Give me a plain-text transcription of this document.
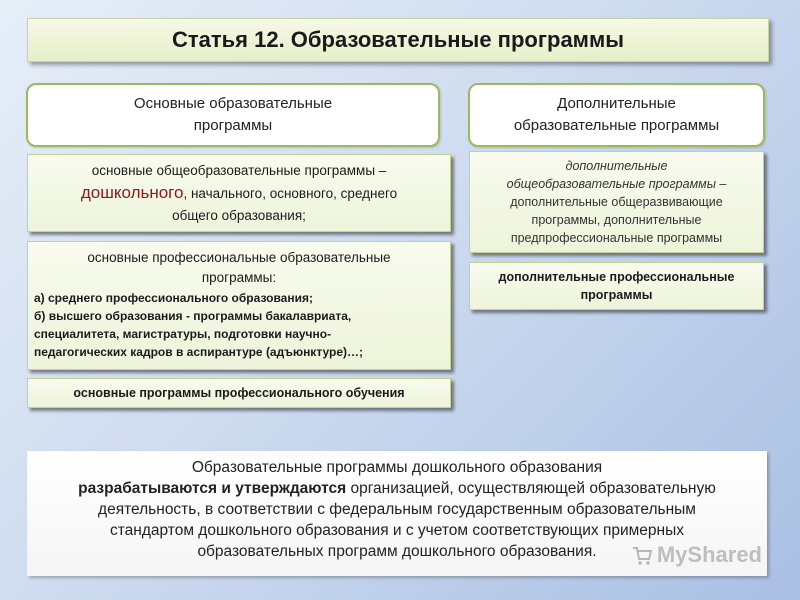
Статья 12. Образовательные программы
Основные образовательные
программы
основные общеобразовательные программы –
дошкольного, начального, основного, среднего
общего образования;
основные профессиональные образовательные
программы:
а) среднего профессионального образования;
б) высшего образования - программы бакалавриата,
специалитета, магистратуры, подготовки научно-
педагогических кадров в аспирантуре (адъюнктуре)…;
основные программы профессионального обучения
Дополнительные
образовательные программы
дополнительные
общеобразовательные программы –
дополнительные общеразвивающие
программы, дополнительные
предпрофессиональные программы
дополнительные профессиональные
программы
Образовательные программы дошкольного образования
разрабатываются и утверждаются организацией, осуществляющей образовательную
деятельность, в соответствии с федеральным государственным образовательным
стандартом дошкольного образования и с учетом соответствующих примерных
образовательных программ дошкольного образования.	MyShared
